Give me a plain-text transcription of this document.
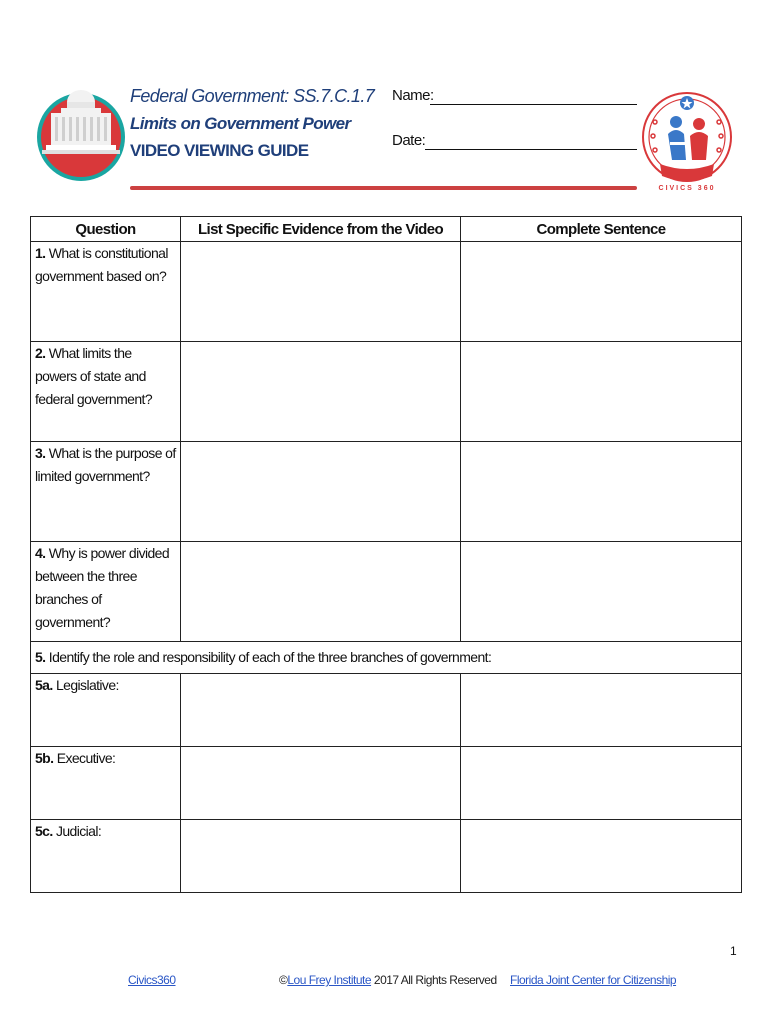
Federal Government: SS.7.C.1.7
Limits on Government Power
VIDEO VIEWING GUIDE
Name:
Date:
CIVICS 360
Question	List Specific Evidence from the Video	Complete Sentence
1. What is constitutional government based on?		
2. What limits the powers of state and federal government?		
3. What is the purpose of limited government?		
4. Why is power divided between the three branches of government?		
5. Identify the role and responsibility of each of the three branches of government:		
5a. Legislative:		
5b. Executive:		
5c. Judicial:		
1
Civics360	©Lou Frey Institute 2017 All Rights Reserved Florida Joint Center for Citizenship
